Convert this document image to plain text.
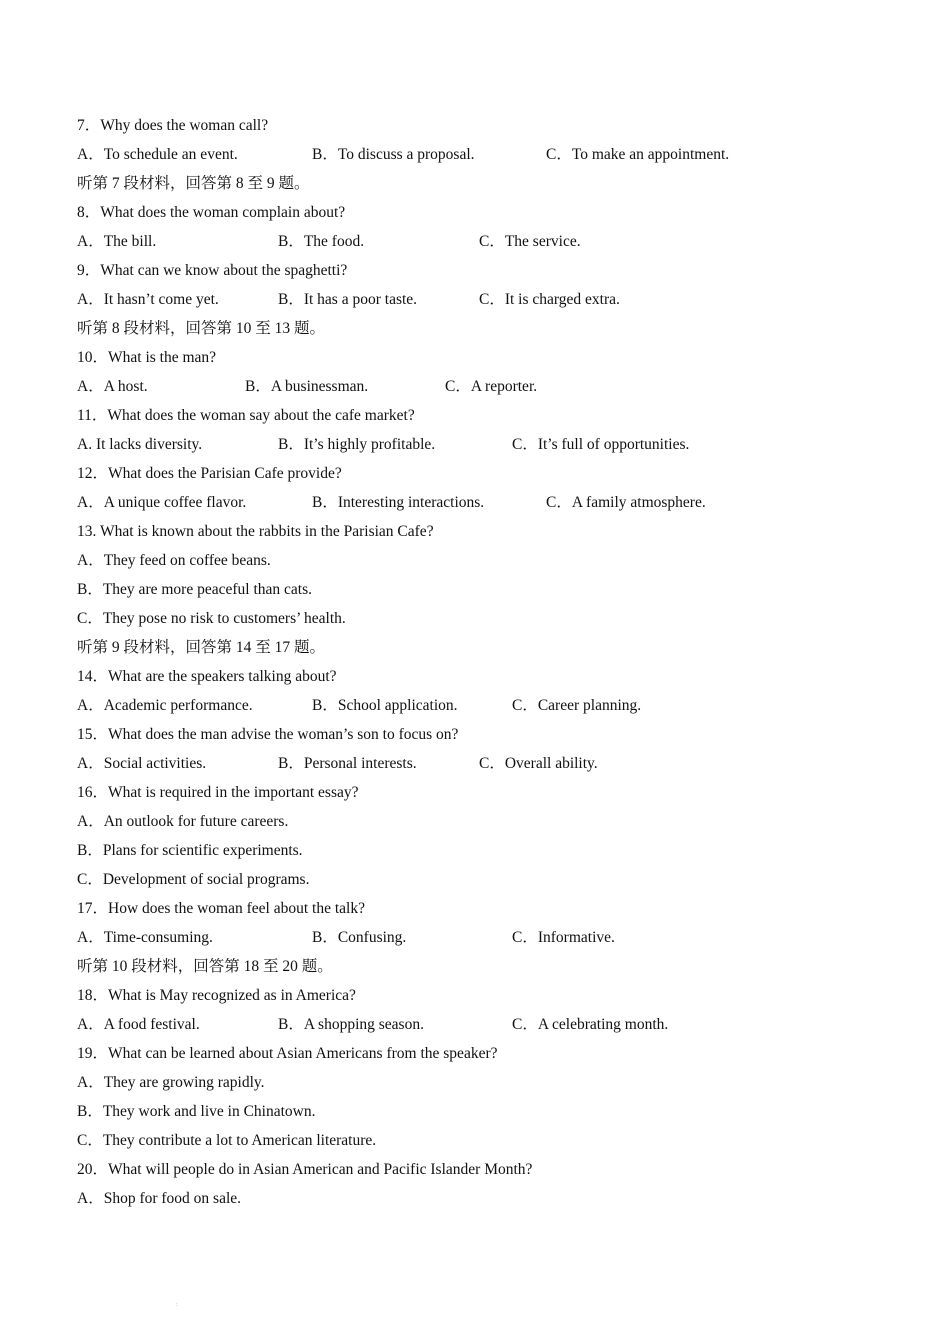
7．Why does the woman call?
A．To schedule an event.	B．To discuss a proposal.	C．To make an appointment.
听第 7 段材料，回答第 8 至 9 题。
8．What does the woman complain about?
A．The bill.	B．The food.	C．The service.
9．What can we know about the spaghetti?
A．It hasn’t come yet.	B．It has a poor taste.	C．It is charged extra.
听第 8 段材料，回答第 10 至 13 题。
10．What is the man?
A．A host.	B．A businessman.	C．A reporter.
11．What does the woman say about the cafe market?
A. It lacks diversity.	B．It’s highly profitable.	C．It’s full of opportunities.
12．What does the Parisian Cafe provide?
A．A unique coffee flavor.	B．Interesting interactions.	C．A family atmosphere.
13. What is known about the rabbits in the Parisian Cafe?
A．They feed on coffee beans.
B．They are more peaceful than cats.
C．They pose no risk to customers’ health.
听第 9 段材料，回答第 14 至 17 题。
14．What are the speakers talking about?
A．Academic performance.	B．School application.	C．Career planning.
15．What does the man advise the woman’s son to focus on?
A．Social activities.	B．Personal interests.	C．Overall ability.
16．What is required in the important essay?
A．An outlook for future careers.
B．Plans for scientific experiments.
C．Development of social programs.
17．How does the woman feel about the talk?
A．Time-consuming.	B．Confusing.	C．Informative.
听第 10 段材料，回答第 18 至 20 题。
18．What is May recognized as in America?
A．A food festival.	B．A shopping season.	C．A celebrating month.
19．What can be learned about Asian Americans from the speaker?
A．They are growing rapidly.
B．They work and live in Chinatown.
C．They contribute a lot to American literature.
20．What will people do in Asian American and Pacific Islander Month?
A．Shop for food on sale.
:
